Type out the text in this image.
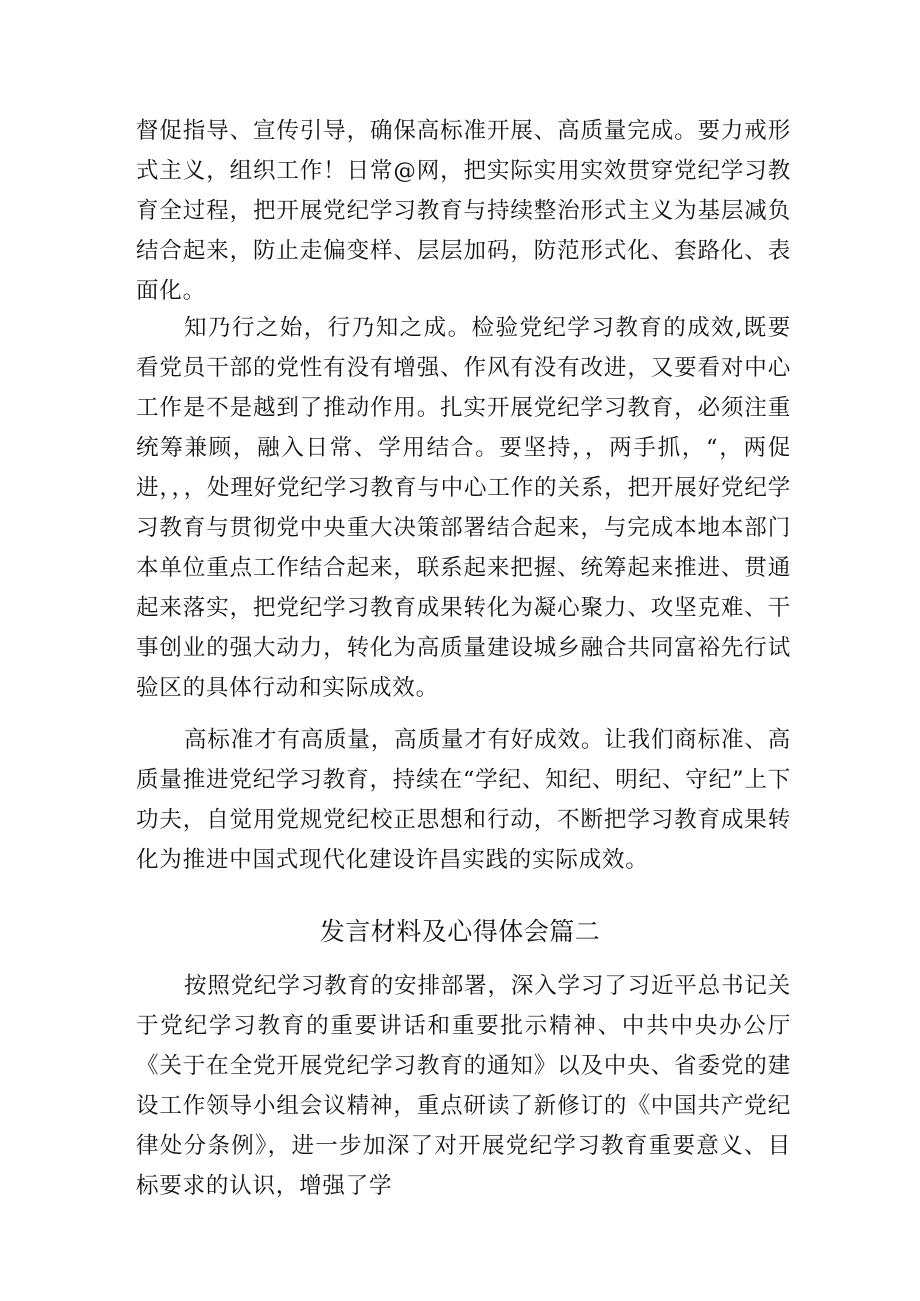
督促指导、宣传引导，确保高标准开展、高质量完成。要力戒形式主义，组织工作！日常@网，把实际实用实效贯穿党纪学习教育全过程，把开展党纪学习教育与持续整治形式主义为基层减负结合起来，防止走偏变样、层层加码，防范形式化、套路化、表面化。

知乃行之始，行乃知之成。检验党纪学习教育的成效,既要看党员干部的党性有没有增强、作风有没有改进，又要看对中心工作是不是越到了推动作用。扎实开展党纪学习教育，必须注重统筹兼顾，融入日常、学用结合。要坚持，，两手抓，“，两促进，，，处理好党纪学习教育与中心工作的关系，把开展好党纪学习教育与贯彻党中央重大决策部署结合起来，与完成本地本部门本单位重点工作结合起来，联系起来把握、统筹起来推进、贯通起来落实，把党纪学习教育成果转化为凝心聚力、攻坚克难、干事创业的强大动力，转化为高质量建设城乡融合共同富裕先行试验区的具体行动和实际成效。

高标准才有高质量，高质量才有好成效。让我们商标准、高质量推进党纪学习教育，持续在“学纪、知纪、明纪、守纪”上下功夫，自觉用党规党纪校正思想和行动，不断把学习教育成果转化为推进中国式现代化建设许昌实践的实际成效。

发言材料及心得体会篇二

按照党纪学习教育的安排部署，深入学习了习近平总书记关于党纪学习教育的重要讲话和重要批示精神、中共中央办公厅《关于在全党开展党纪学习教育的通知》以及中央、省委党的建设工作领导小组会议精神，重点研读了新修订的《中国共产党纪律处分条例》，进一步加深了对开展党纪学习教育重要意义、目标要求的认识，增强了学
